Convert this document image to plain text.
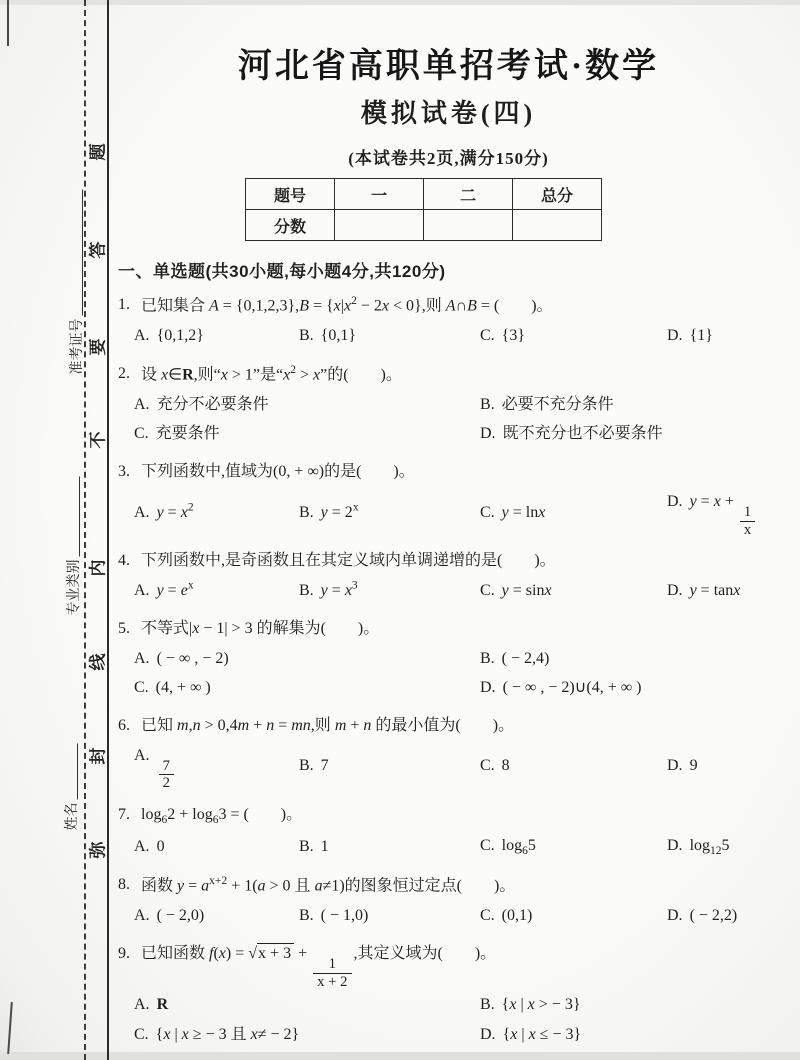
题
答
要
不
内
线
封
弥
准考证号
专业类别
姓名
河北省高职单招考试·数学
模拟试卷(四)
(本试卷共2页,满分150分)
题号	一	二	总分
分数			
一、单选题(共30小题,每小题4分,共120分)
1. 已知集合 $A = \{0,1,2,3\},B = \{x|x^2 - 2x < 0\}$,则 A∩B = (  )。
A. {0,1,2}	B. {0,1}	C. {3}	D. {1}
2. 设 x∈R,则“x > 1”是“$x^2 > x$”的(  )。
A. 充分不必要条件	B. 必要不充分条件
C. 充要条件	D. 既不充分也不必要条件
3. 下列函数中,值域为(0, + ∞)的是(  )。
A. $y = x^2$	B. $y = 2^x$	C. y = lnx
D. y = x +
$\frac{1}{x}$
4. 下列函数中,是奇函数且在其定义域内单调递增的是(  )。
A. $y = e^x$	B. $y = x^3$	C. y = sinx	D. y = tanx
5. 不等式|x − 1| > 3 的解集为(  )。
A. ( − ∞ , − 2)	B. ( − 2,4)
C. (4, + ∞ )	D. ( − ∞ , − 2)∪(4, + ∞ )
6. 已知 m,n > 0,4m + n = mn,则 m + n 的最小值为(  )。
A.
$\frac{7}{2}$	B. 7	C. 8	D. 9
7. $\log_62 + \log_63$ = (  )。
A. 0	B. 1	C. $\log_65$	D. $\log_{12}5$
8. 函数 $y = a^{x+2} + 1(a > 0$ 且 a≠1)的图象恒过定点(  )。
A. ( − 2,0)	B. ( − 1,0)	C. (0,1)	D. ( − 2,2)
9. 已知函数 f(x) = √x + 3 +
$\frac{1}{x + 2}$
,其定义域为(  )。
A. R	B. {x | x > − 3}
C. {x | x ≥ − 3 且 x≠ − 2}	D. {x | x ≤ − 3}
